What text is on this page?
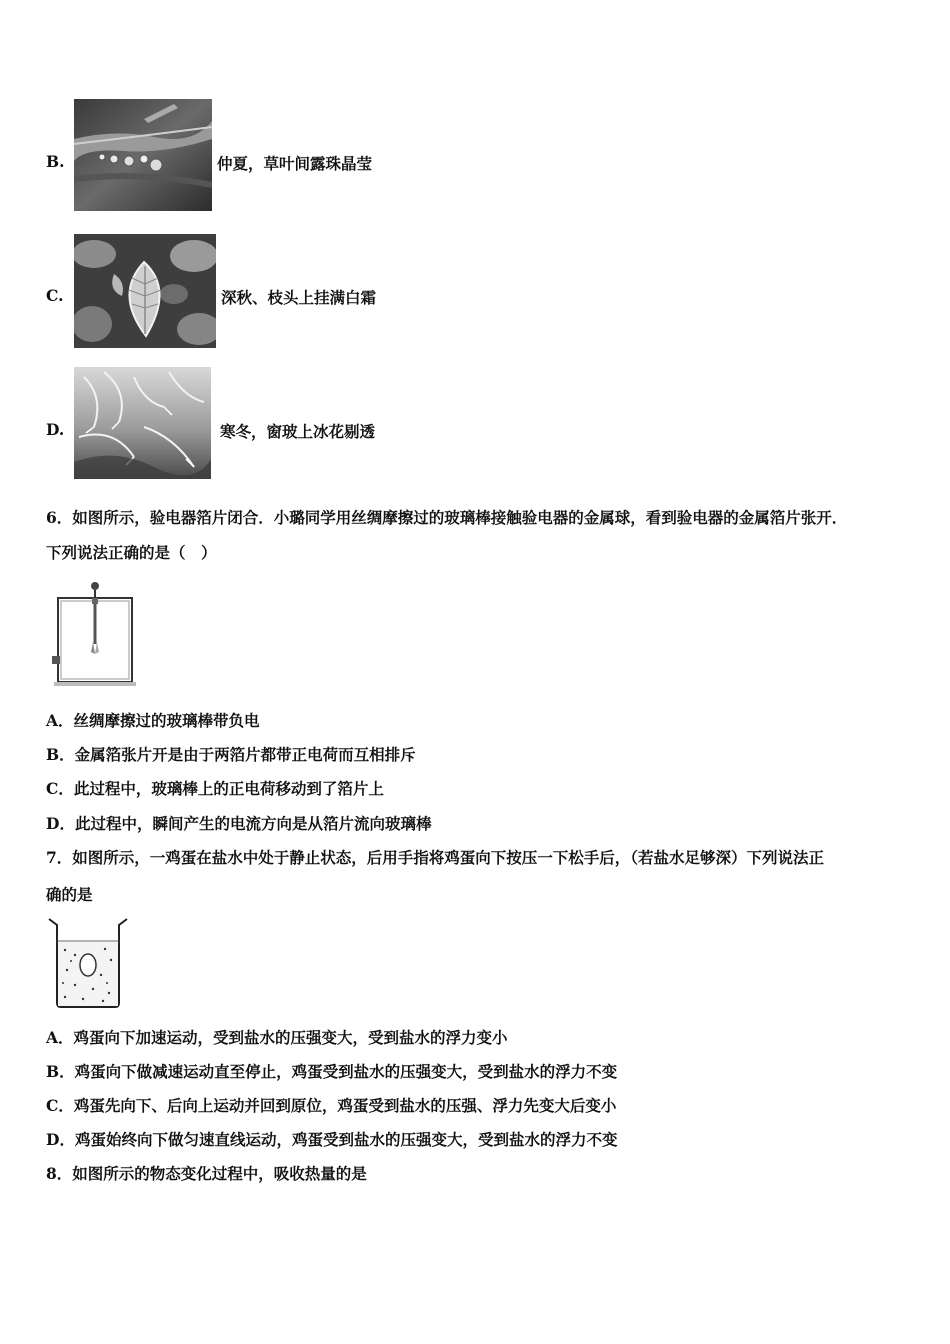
B.	仲夏，草叶间露珠晶莹
C.	深秋、枝头上挂满白霜
D.	寒冬，窗玻上冰花剔透
6．如图所示，验电器箔片闭合．小璐同学用丝绸摩擦过的玻璃棒接触验电器的金属球，看到验电器的金属箔片张开．
下列说法正确的是（　）
A．丝绸摩擦过的玻璃棒带负电
B．金属箔张片开是由于两箔片都带正电荷而互相排斥
C．此过程中，玻璃棒上的正电荷移动到了箔片上
D．此过程中，瞬间产生的电流方向是从箔片流向玻璃棒
7．如图所示，一鸡蛋在盐水中处于静止状态，后用手指将鸡蛋向下按压一下松手后，（若盐水足够深）下列说法正
确的是
A．鸡蛋向下加速运动，受到盐水的压强变大，受到盐水的浮力变小
B．鸡蛋向下做减速运动直至停止，鸡蛋受到盐水的压强变大，受到盐水的浮力不变
C．鸡蛋先向下、后向上运动并回到原位，鸡蛋受到盐水的压强、浮力先变大后变小
D．鸡蛋始终向下做匀速直线运动，鸡蛋受到盐水的压强变大，受到盐水的浮力不变
8．如图所示的物态变化过程中，吸收热量的是
